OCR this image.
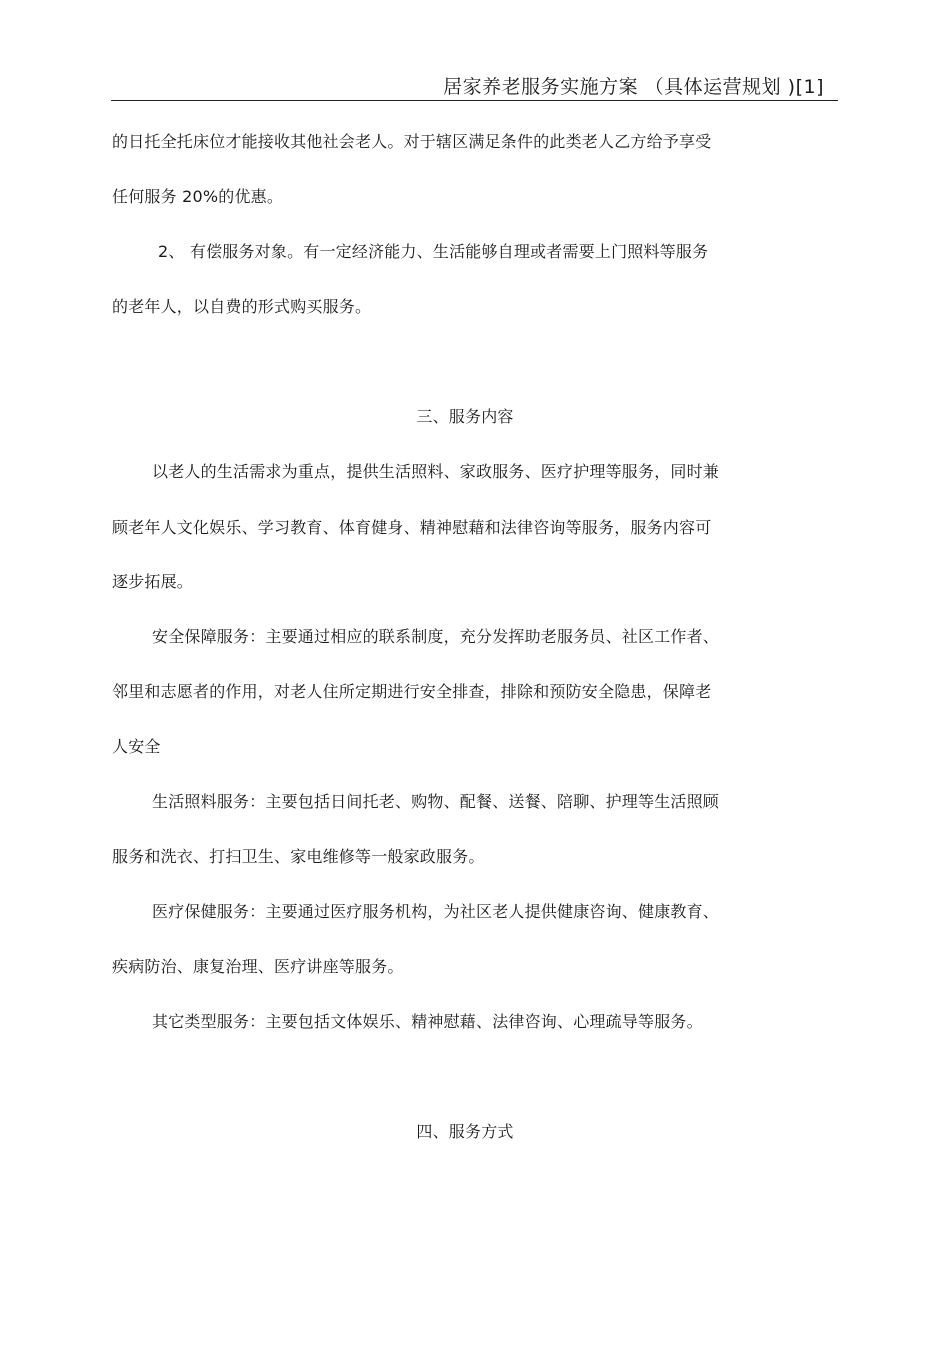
居家养老服务实施方案 （具体运营规划 )[1]
的日托全托床位才能接收其他社会老人。对于辖区满足条件的此类老人乙方给予享受
任何服务 20%的优惠。
2、 有偿服务对象。有一定经济能力、生活能够自理或者需要上门照料等服务
的老年人，以自费的形式购买服务。
三、服务内容
以老人的生活需求为重点，提供生活照料、家政服务、医疗护理等服务，同时兼
顾老年人文化娱乐、学习教育、体育健身、精神慰藉和法律咨询等服务，服务内容可
逐步拓展。
安全保障服务：主要通过相应的联系制度，充分发挥助老服务员、社区工作者、
邻里和志愿者的作用，对老人住所定期进行安全排查，排除和预防安全隐患，保障老
人安全
生活照料服务：主要包括日间托老、购物、配餐、送餐、陪聊、护理等生活照顾
服务和洗衣、打扫卫生、家电维修等一般家政服务。
医疗保健服务：主要通过医疗服务机构，为社区老人提供健康咨询、健康教育、
疾病防治、康复治理、医疗讲座等服务。
其它类型服务：主要包括文体娱乐、精神慰藉、法律咨询、心理疏导等服务。
四、服务方式
